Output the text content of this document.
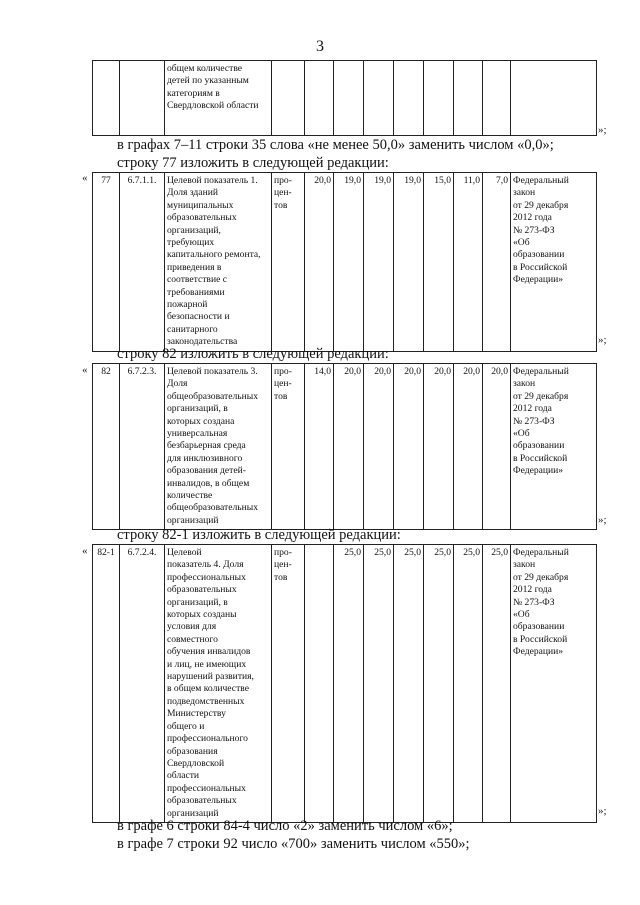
3
		общем количестве
детей по указанным
категориям в
Свердловской области									
»;
в графах 7–11 строки 35 слова «не менее 50,0» заменить числом «0,0»;
строку 77 изложить в следующей редакции:
« 77	6.7.1.1.	Целевой показатель 1.
Доля зданий
муниципальных
образовательных
организаций,
требующих
капитального ремонта,
приведения в
соответствие с
требованиями
пожарной
безопасности и
санитарного
законодательства	про-
цен-
тов	20,0	19,0	19,0	19,0	15,0	11,0	7,0	Федеральный
закон
от 29 декабря
2012 года
№ 273-ФЗ
«Об
образовании
в Российской
Федерации»
»;
строку 82 изложить в следующей редакции:
« 82	6.7.2.3.	Целевой показатель 3.
Доля
общеобразовательных
организаций, в
которых создана
универсальная
безбарьерная среда
для инклюзивного
образования детей-
инвалидов, в общем
количестве
общеобразовательных
организаций	про-
цен-
тов	14,0	20,0	20,0	20,0	20,0	20,0	20,0	Федеральный
закон
от 29 декабря
2012 года
№ 273-ФЗ
«Об
образовании
в Российской
Федерации»
»;
строку 82-1 изложить в следующей редакции:
« 82-1	6.7.2.4.	Целевой
показатель 4. Доля
профессиональных
образовательных
организаций, в
которых созданы
условия для
совместного
обучения инвалидов
и лиц, не имеющих
нарушений развития,
в общем количестве
подведомственных
Министерству
общего и
профессионального
образования
Свердловской
области
профессиональных
образовательных
организаций	про-
цен-
тов		25,0	25,0	25,0	25,0	25,0	25,0	Федеральный
закон
от 29 декабря
2012 года
№ 273-ФЗ
«Об
образовании
в Российской
Федерации»
»;
в графе 6 строки 84-4 число «2» заменить числом «6»;
в графе 7 строки 92 число «700» заменить числом «550»;
